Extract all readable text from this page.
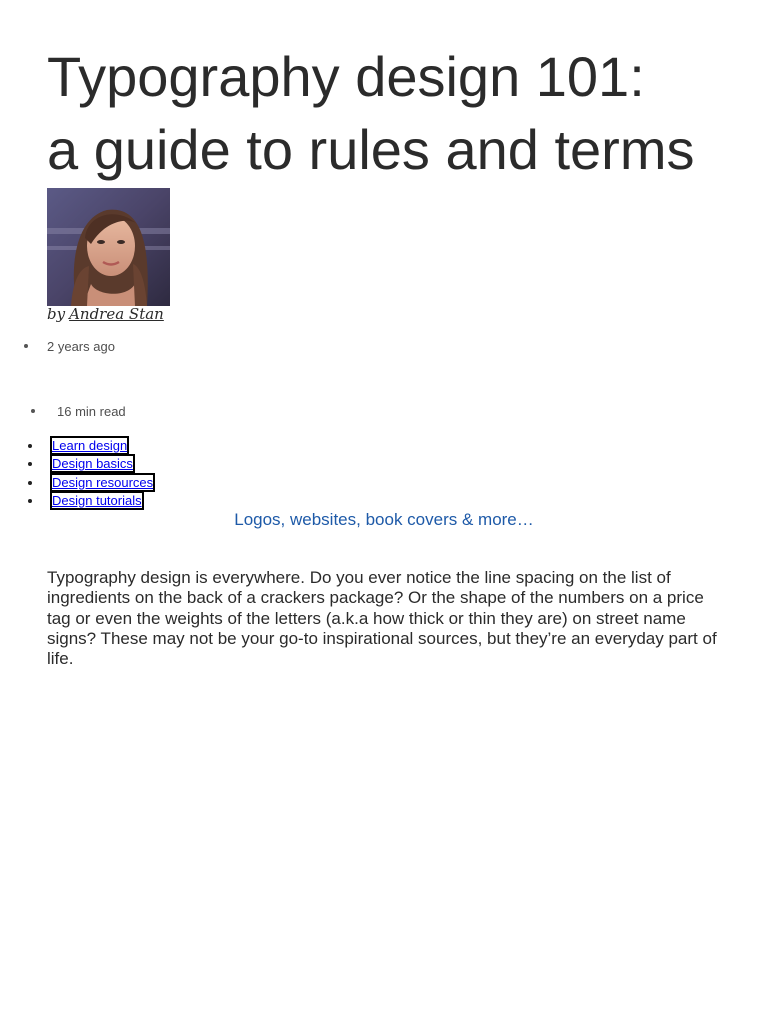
Typography design 101:
a guide to rules and terms
by Andrea Stan
2 years ago
16 min read
Learn design
Design basics
Design resources
Design tutorials
Logos, websites, book covers & more…

Typography design is everywhere. Do you ever notice the line spacing on the list of ingredients on the back of a crackers package? Or the shape of the numbers on a price tag or even the weights of the letters (a.k.a how thick or thin they are) on street name signs? These may not be your go-to inspirational sources, but they’re an everyday part of life.
